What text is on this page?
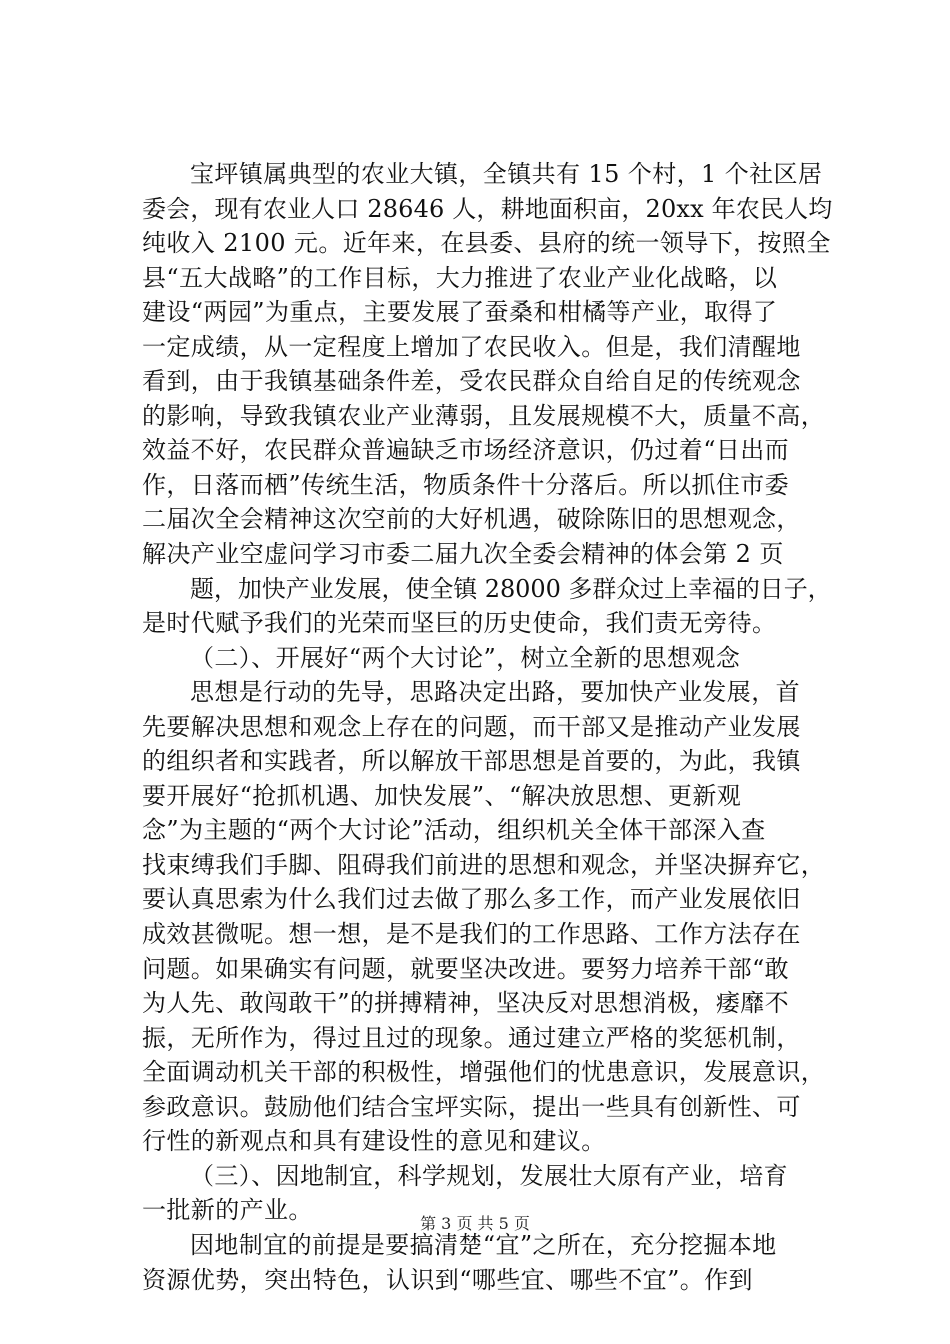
宝坪镇属典型的农业大镇，全镇共有 15 个村，1 个社区居
委会，现有农业人口 28646 人，耕地面积亩，20xx 年农民人均
纯收入 2100 元。近年来，在县委、县府的统一领导下，按照全
县“五大战略”的工作目标，大力推进了农业产业化战略，以
建设“两园”为重点，主要发展了蚕桑和柑橘等产业，取得了
一定成绩，从一定程度上增加了农民收入。但是，我们清醒地
看到，由于我镇基础条件差，受农民群众自给自足的传统观念
的影响，导致我镇农业产业薄弱，且发展规模不大，质量不高，
效益不好，农民群众普遍缺乏市场经济意识，仍过着“日出而
作，日落而栖”传统生活，物质条件十分落后。所以抓住市委
二届次全会精神这次空前的大好机遇，破除陈旧的思想观念，
解决产业空虚问学习市委二届九次全委会精神的体会第 2 页
题，加快产业发展，使全镇 28000 多群众过上幸福的日子，
是时代赋予我们的光荣而坚巨的历史使命，我们责无旁待。
（二）、开展好“两个大讨论”，树立全新的思想观念
思想是行动的先导，思路决定出路，要加快产业发展，首
先要解决思想和观念上存在的问题，而干部又是推动产业发展
的组织者和实践者，所以解放干部思想是首要的，为此，我镇
要开展好“抢抓机遇、加快发展”、“解决放思想、更新观
念”为主题的“两个大讨论”活动，组织机关全体干部深入查
找束缚我们手脚、阻碍我们前进的思想和观念，并坚决摒弃它，
要认真思索为什么我们过去做了那么多工作，而产业发展依旧
成效甚微呢。想一想，是不是我们的工作思路、工作方法存在
问题。如果确实有问题，就要坚决改进。要努力培养干部“敢
为人先、敢闯敢干”的拼搏精神，坚决反对思想消极，痿靡不
振，无所作为，得过且过的现象。通过建立严格的奖惩机制，
全面调动机关干部的积极性，增强他们的忧患意识，发展意识，
参政意识。鼓励他们结合宝坪实际，提出一些具有创新性、可
行性的新观点和具有建设性的意见和建议。
（三）、因地制宜，科学规划，发展壮大原有产业，培育
一批新的产业。
因地制宜的前提是要搞清楚“宜”之所在，充分挖掘本地
资源优势，突出特色，认识到“哪些宜、哪些不宜”。作到
第 3 页 共 5 页
